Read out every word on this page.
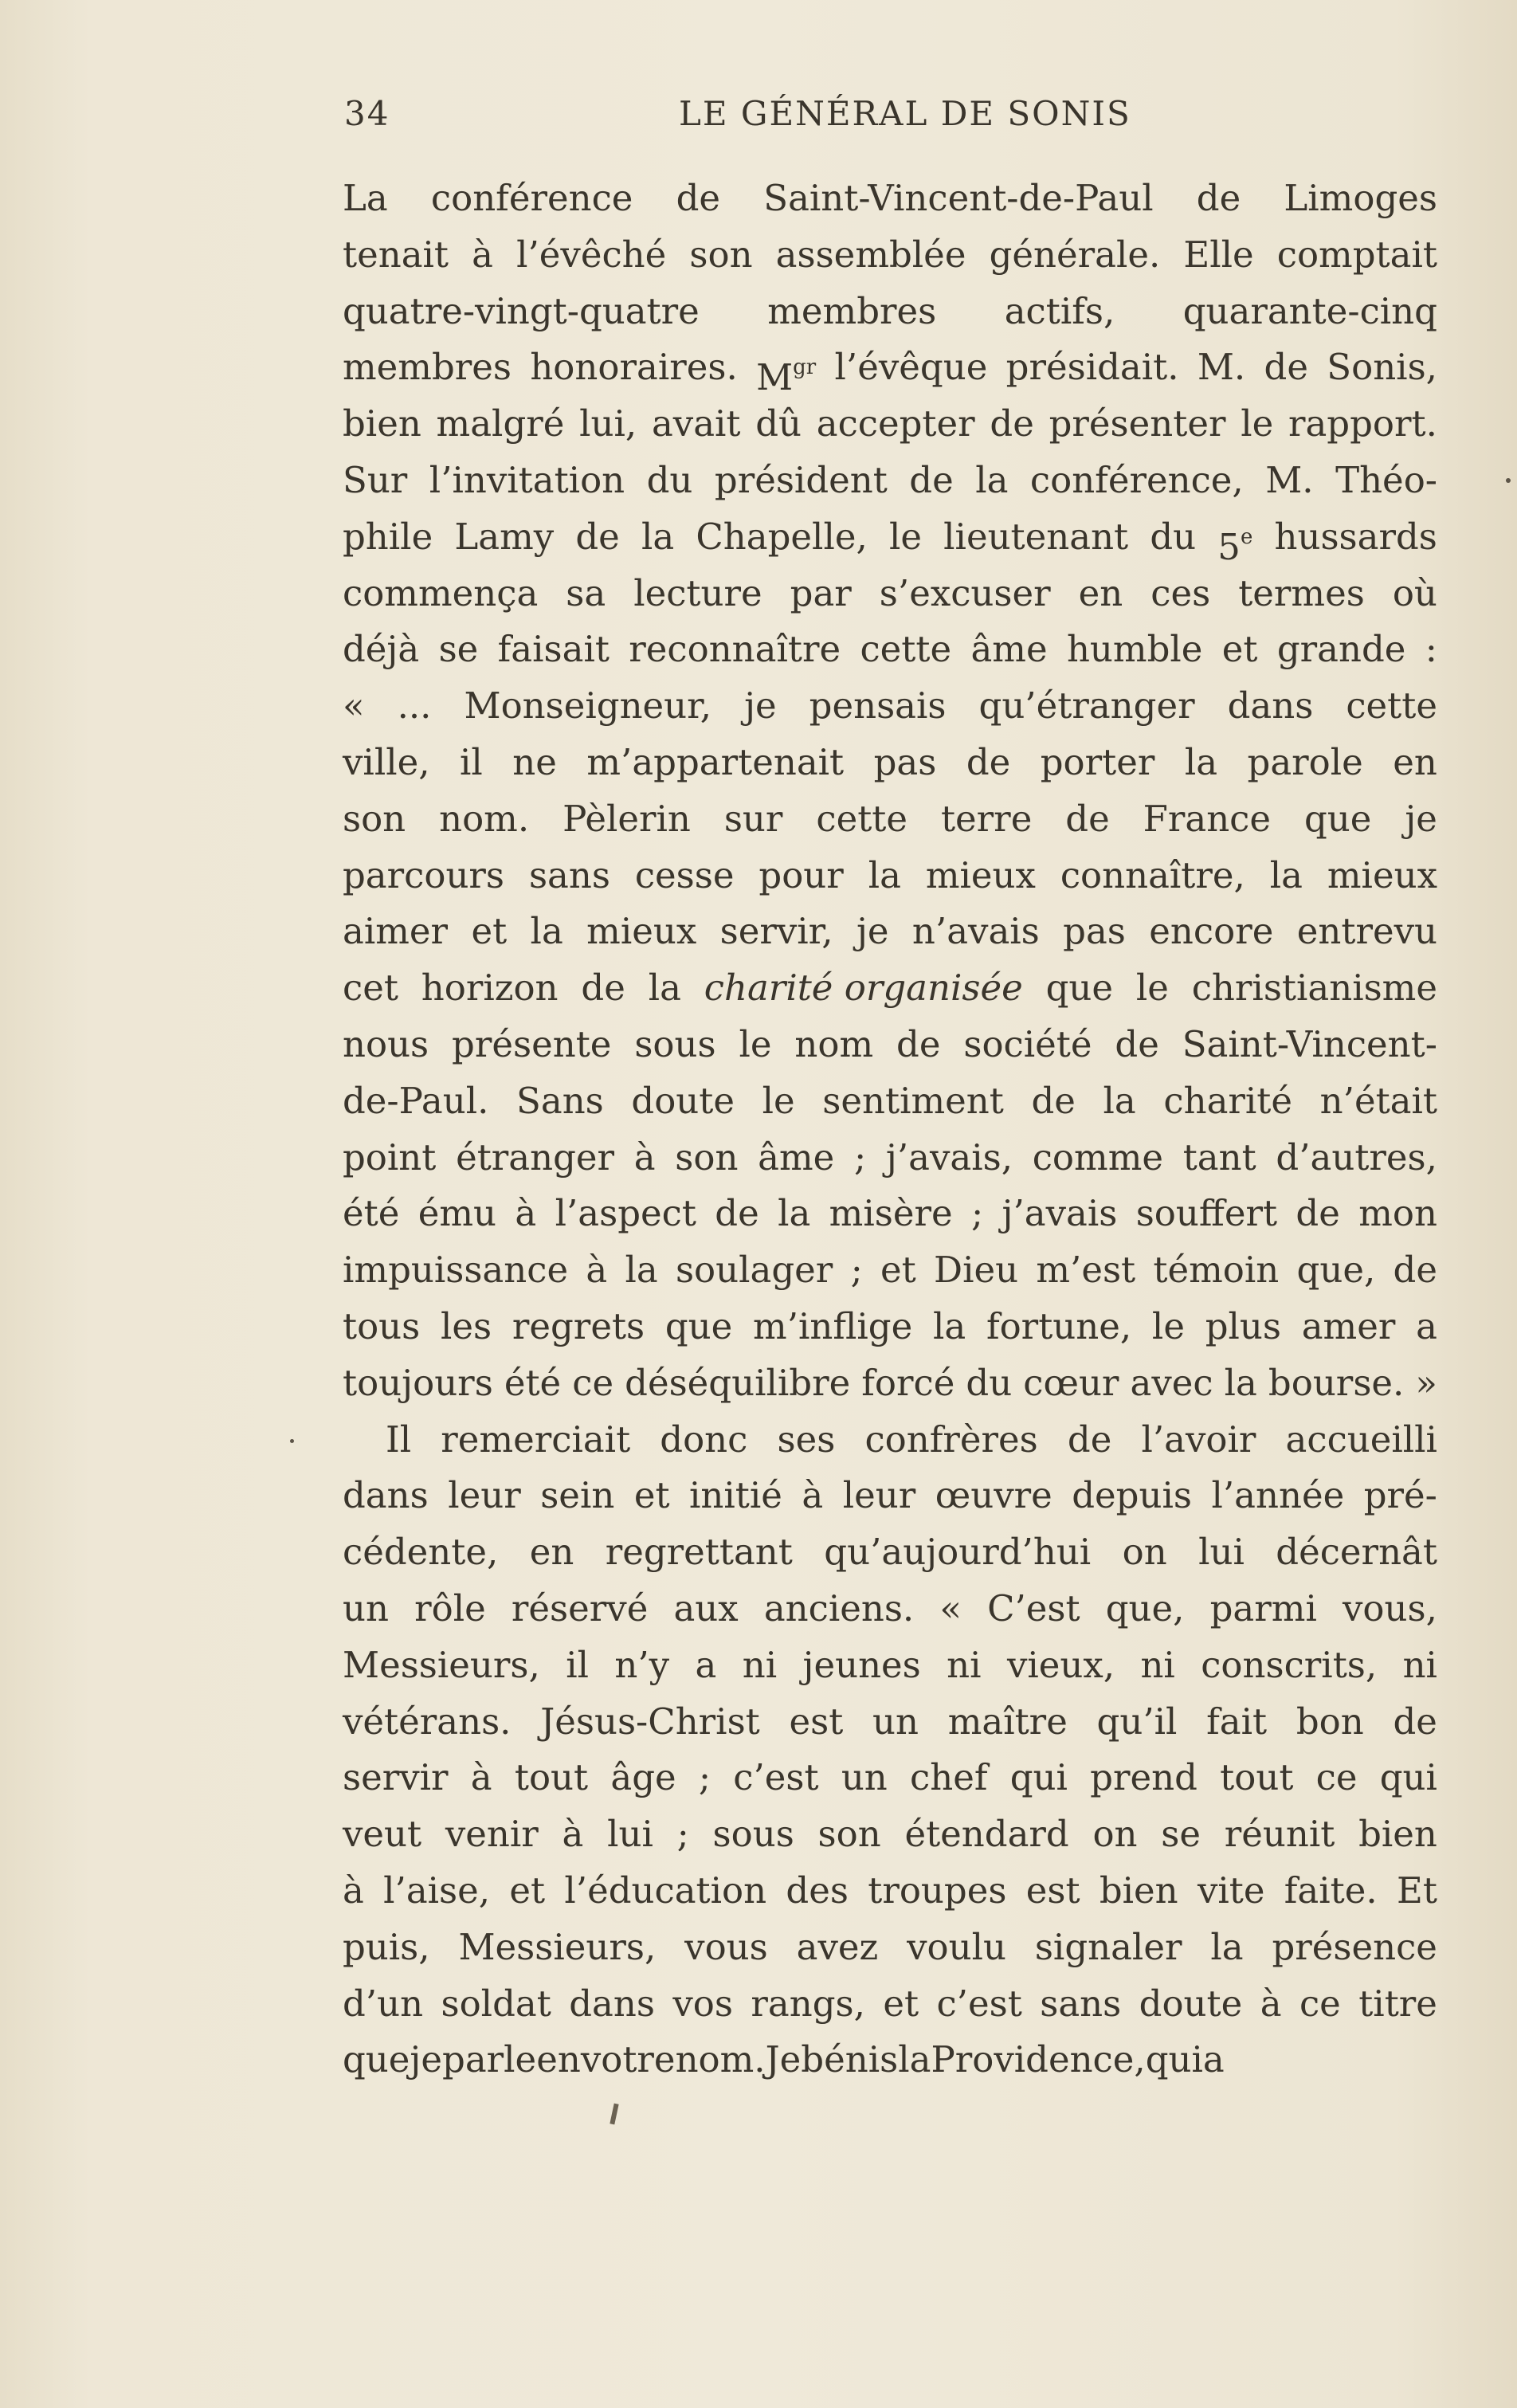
34	LE GÉNÉRAL DE SONIS
La conférence de Saint-Vincent-de-Paul de Limoges
tenait à l’évêché son assemblée générale. Elle comptait
quatre-vingt-quatre membres actifs, quarante-cinq
membres honoraires. Mgr l’évêque présidait. M. de Sonis,
bien malgré lui, avait dû accepter de présenter le rapport.
Sur l’invitation du président de la conférence, M. Théo-
phile Lamy de la Chapelle, le lieutenant du 5e hussards
commença sa lecture par s’excuser en ces termes où
déjà se faisait reconnaître cette âme humble et grande :
« ... Monseigneur, je pensais qu’étranger dans cette
ville, il ne m’appartenait pas de porter la parole en
son nom. Pèlerin sur cette terre de France que je
parcours sans cesse pour la mieux connaître, la mieux
aimer et la mieux servir, je n’avais pas encore entrevu
cet horizon de la charité organisée que le christianisme
nous présente sous le nom de société de Saint-Vincent-
de-Paul. Sans doute le sentiment de la charité n’était
point étranger à son âme ; j’avais, comme tant d’autres,
été ému à l’aspect de la misère ; j’avais souffert de mon
impuissance à la soulager ; et Dieu m’est témoin que, de
tous les regrets que m’inflige la fortune, le plus amer a
toujours été ce déséquilibre forcé du cœur avec la bourse. »
Il remerciait donc ses confrères de l’avoir accueilli
dans leur sein et initié à leur œuvre depuis l’année pré-
cédente, en regrettant qu’aujourd’hui on lui décernât
un rôle réservé aux anciens. « C’est que, parmi vous,
Messieurs, il n’y a ni jeunes ni vieux, ni conscrits, ni
vétérans. Jésus-Christ est un maître qu’il fait bon de
servir à tout âge ; c’est un chef qui prend tout ce qui
veut venir à lui ; sous son étendard on se réunit bien
à l’aise, et l’éducation des troupes est bien vite faite. Et
puis, Messieurs, vous avez voulu signaler la présence
d’un soldat dans vos rangs, et c’est sans doute à ce titre
que je parle en votre nom. Je bénis la Providence, qui a
